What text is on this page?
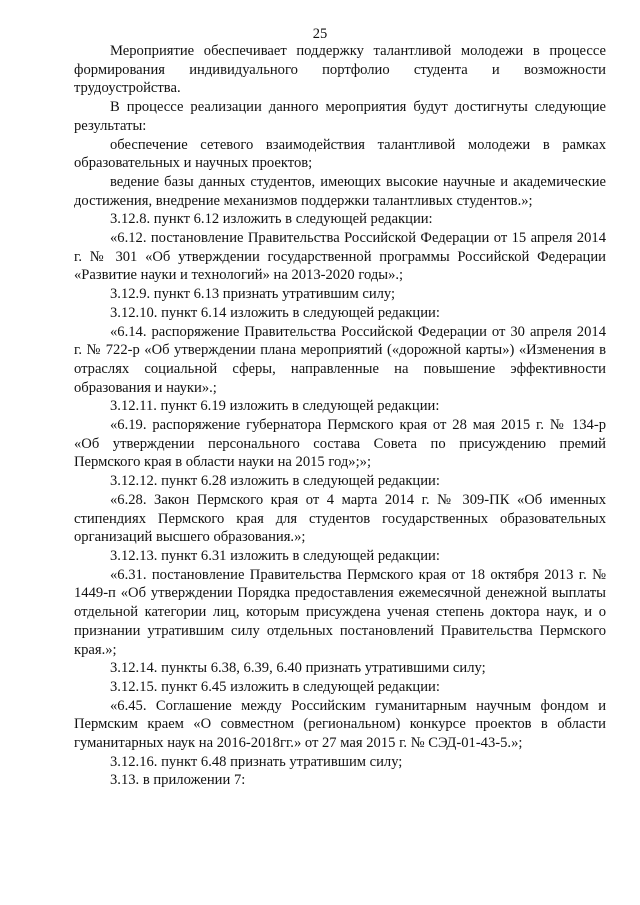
25

Мероприятие обеспечивает поддержку талантливой молодежи в процессе формирования индивидуального портфолио студента и возможности трудоустройства.

В процессе реализации данного мероприятия будут достигнуты следующие результаты:

обеспечение сетевого взаимодействия талантливой молодежи в рамках образовательных и научных проектов;

ведение базы данных студентов, имеющих высокие научные и академические достижения, внедрение механизмов поддержки талантливых студентов.»;

3.12.8. пункт 6.12 изложить в следующей редакции:

«6.12. постановление Правительства Российской Федерации от 15 апреля 2014 г. № 301 «Об утверждении государственной программы Российской Федерации «Развитие науки и технологий» на 2013-2020 годы».;

3.12.9. пункт 6.13 признать утратившим силу;

3.12.10. пункт 6.14 изложить в следующей редакции:

«6.14. распоряжение Правительства Российской Федерации от 30 апреля 2014 г. № 722-р «Об утверждении плана мероприятий («дорожной карты») «Изменения в отраслях социальной сферы, направленные на повышение эффективности образования и науки».;

3.12.11. пункт 6.19 изложить в следующей редакции:

«6.19. распоряжение губернатора Пермского края от 28 мая 2015 г. № 134-р «Об утверждении персонального состава Совета по присуждению премий Пермского края в области науки на 2015 год»;»;

3.12.12. пункт 6.28 изложить в следующей редакции:

«6.28. Закон Пермского края от 4 марта 2014 г. № 309-ПК «Об именных стипендиях Пермского края для студентов государственных образовательных организаций высшего образования.»;

3.12.13. пункт 6.31 изложить в следующей редакции:

«6.31. постановление Правительства Пермского края от 18 октября 2013 г. № 1449-п «Об утверждении Порядка предоставления ежемесячной денежной выплаты отдельной категории лиц, которым присуждена ученая степень доктора наук, и о признании утратившим силу отдельных постановлений Правительства Пермского края.»;

3.12.14. пункты 6.38, 6.39, 6.40 признать утратившими силу;

3.12.15. пункт 6.45 изложить в следующей редакции:

«6.45. Соглашение между Российским гуманитарным научным фондом и Пермским краем «О совместном (региональном) конкурсе проектов в области гуманитарных наук на 2016-2018гг.» от 27 мая 2015 г. № СЭД-01-43-5.»;

3.12.16. пункт 6.48 признать утратившим силу;

3.13. в приложении 7:
